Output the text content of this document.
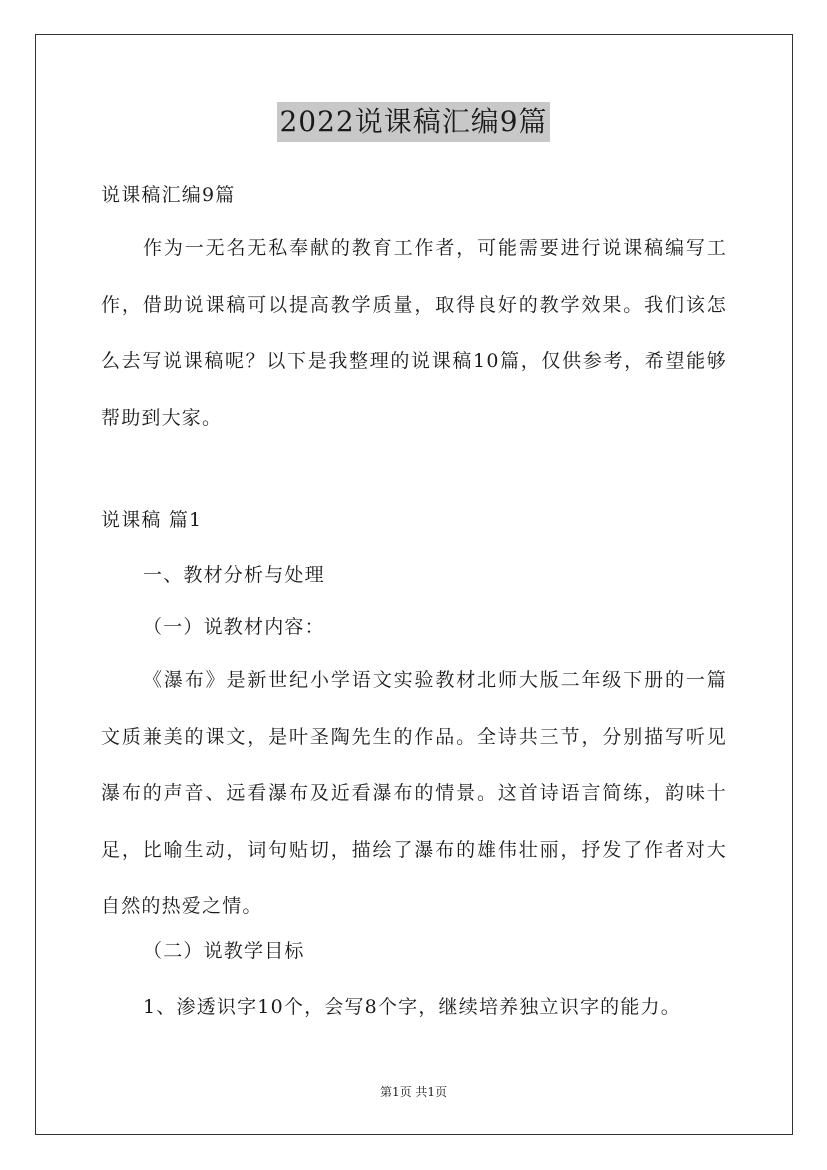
2022说课稿汇编9篇
说课稿汇编9篇
作为一无名无私奉献的教育工作者，可能需要进行说课稿编写工作，借助说课稿可以提高教学质量，取得良好的教学效果。我们该怎么去写说课稿呢？以下是我整理的说课稿10篇，仅供参考，希望能够帮助到大家。
说课稿 篇1
一、教材分析与处理
（一）说教材内容：
《瀑布》是新世纪小学语文实验教材北师大版二年级下册的一篇文质兼美的课文，是叶圣陶先生的作品。全诗共三节，分别描写听见瀑布的声音、远看瀑布及近看瀑布的情景。这首诗语言简练，韵味十足，比喻生动，词句贴切，描绘了瀑布的雄伟壮丽，抒发了作者对大自然的热爱之情。
（二）说教学目标
1、渗透识字10个，会写8个字，继续培养独立识字的能力。
第1页 共1页
